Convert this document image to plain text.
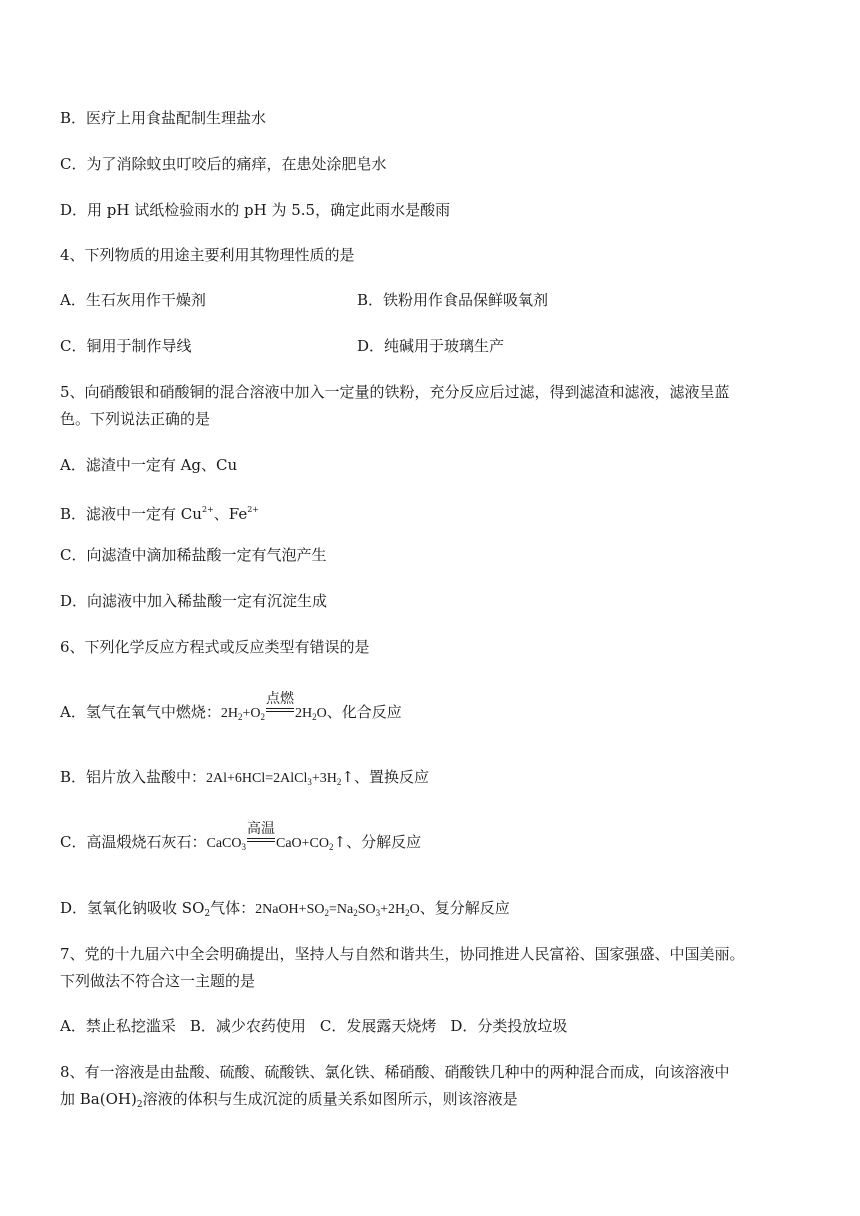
B．医疗上用食盐配制生理盐水
C．为了消除蚊虫叮咬后的痛痒，在患处涂肥皂水
D．用 pH 试纸检验雨水的 pH 为 5.5，确定此雨水是酸雨
4、下列物质的用途主要利用其物理性质的是
A．生石灰用作干燥剂	B．铁粉用作食品保鲜吸氧剂
C．铜用于制作导线	D．纯碱用于玻璃生产
5、向硝酸银和硝酸铜的混合溶液中加入一定量的铁粉，充分反应后过滤，得到滤渣和滤液，滤液呈蓝
色。下列说法正确的是
A．滤渣中一定有 Ag、Cu
B．滤液中一定有 $Cu^{2+}$、$Fe^{2+}$
C．向滤渣中滴加稀盐酸一定有气泡产生
D．向滤液中加入稀盐酸一定有沉淀生成
6、下列化学反应方程式或反应类型有错误的是
A．氢气在氧气中燃烧：$2H_2+O_2$
点燃
$2H_2O$、化合反应
B．铝片放入盐酸中：$2Al+6HCl=2AlCl_3+3H_2↑$、置换反应
C．高温煅烧石灰石：CaCO$_3$
高温
$CaO+CO_2↑$、分解反应
D．氢氧化钠吸收 $SO_2$气体：$2NaOH+SO_2=Na_2SO_3+2H_2O$、复分解反应
7、党的十九届六中全会明确提出，坚持人与自然和谐共生，协同推进人民富裕、国家强盛、中国美丽。
下列做法不符合这一主题的是
A．禁止私挖滥采 B．减少农药使用 C．发展露天烧烤 D．分类投放垃圾
8、有一溶液是由盐酸、硫酸、硫酸铁、氯化铁、稀硝酸、硝酸铁几种中的两种混合而成，向该溶液中
加 $Ba(OH)_2$溶液的体积与生成沉淀的质量关系如图所示，则该溶液是
